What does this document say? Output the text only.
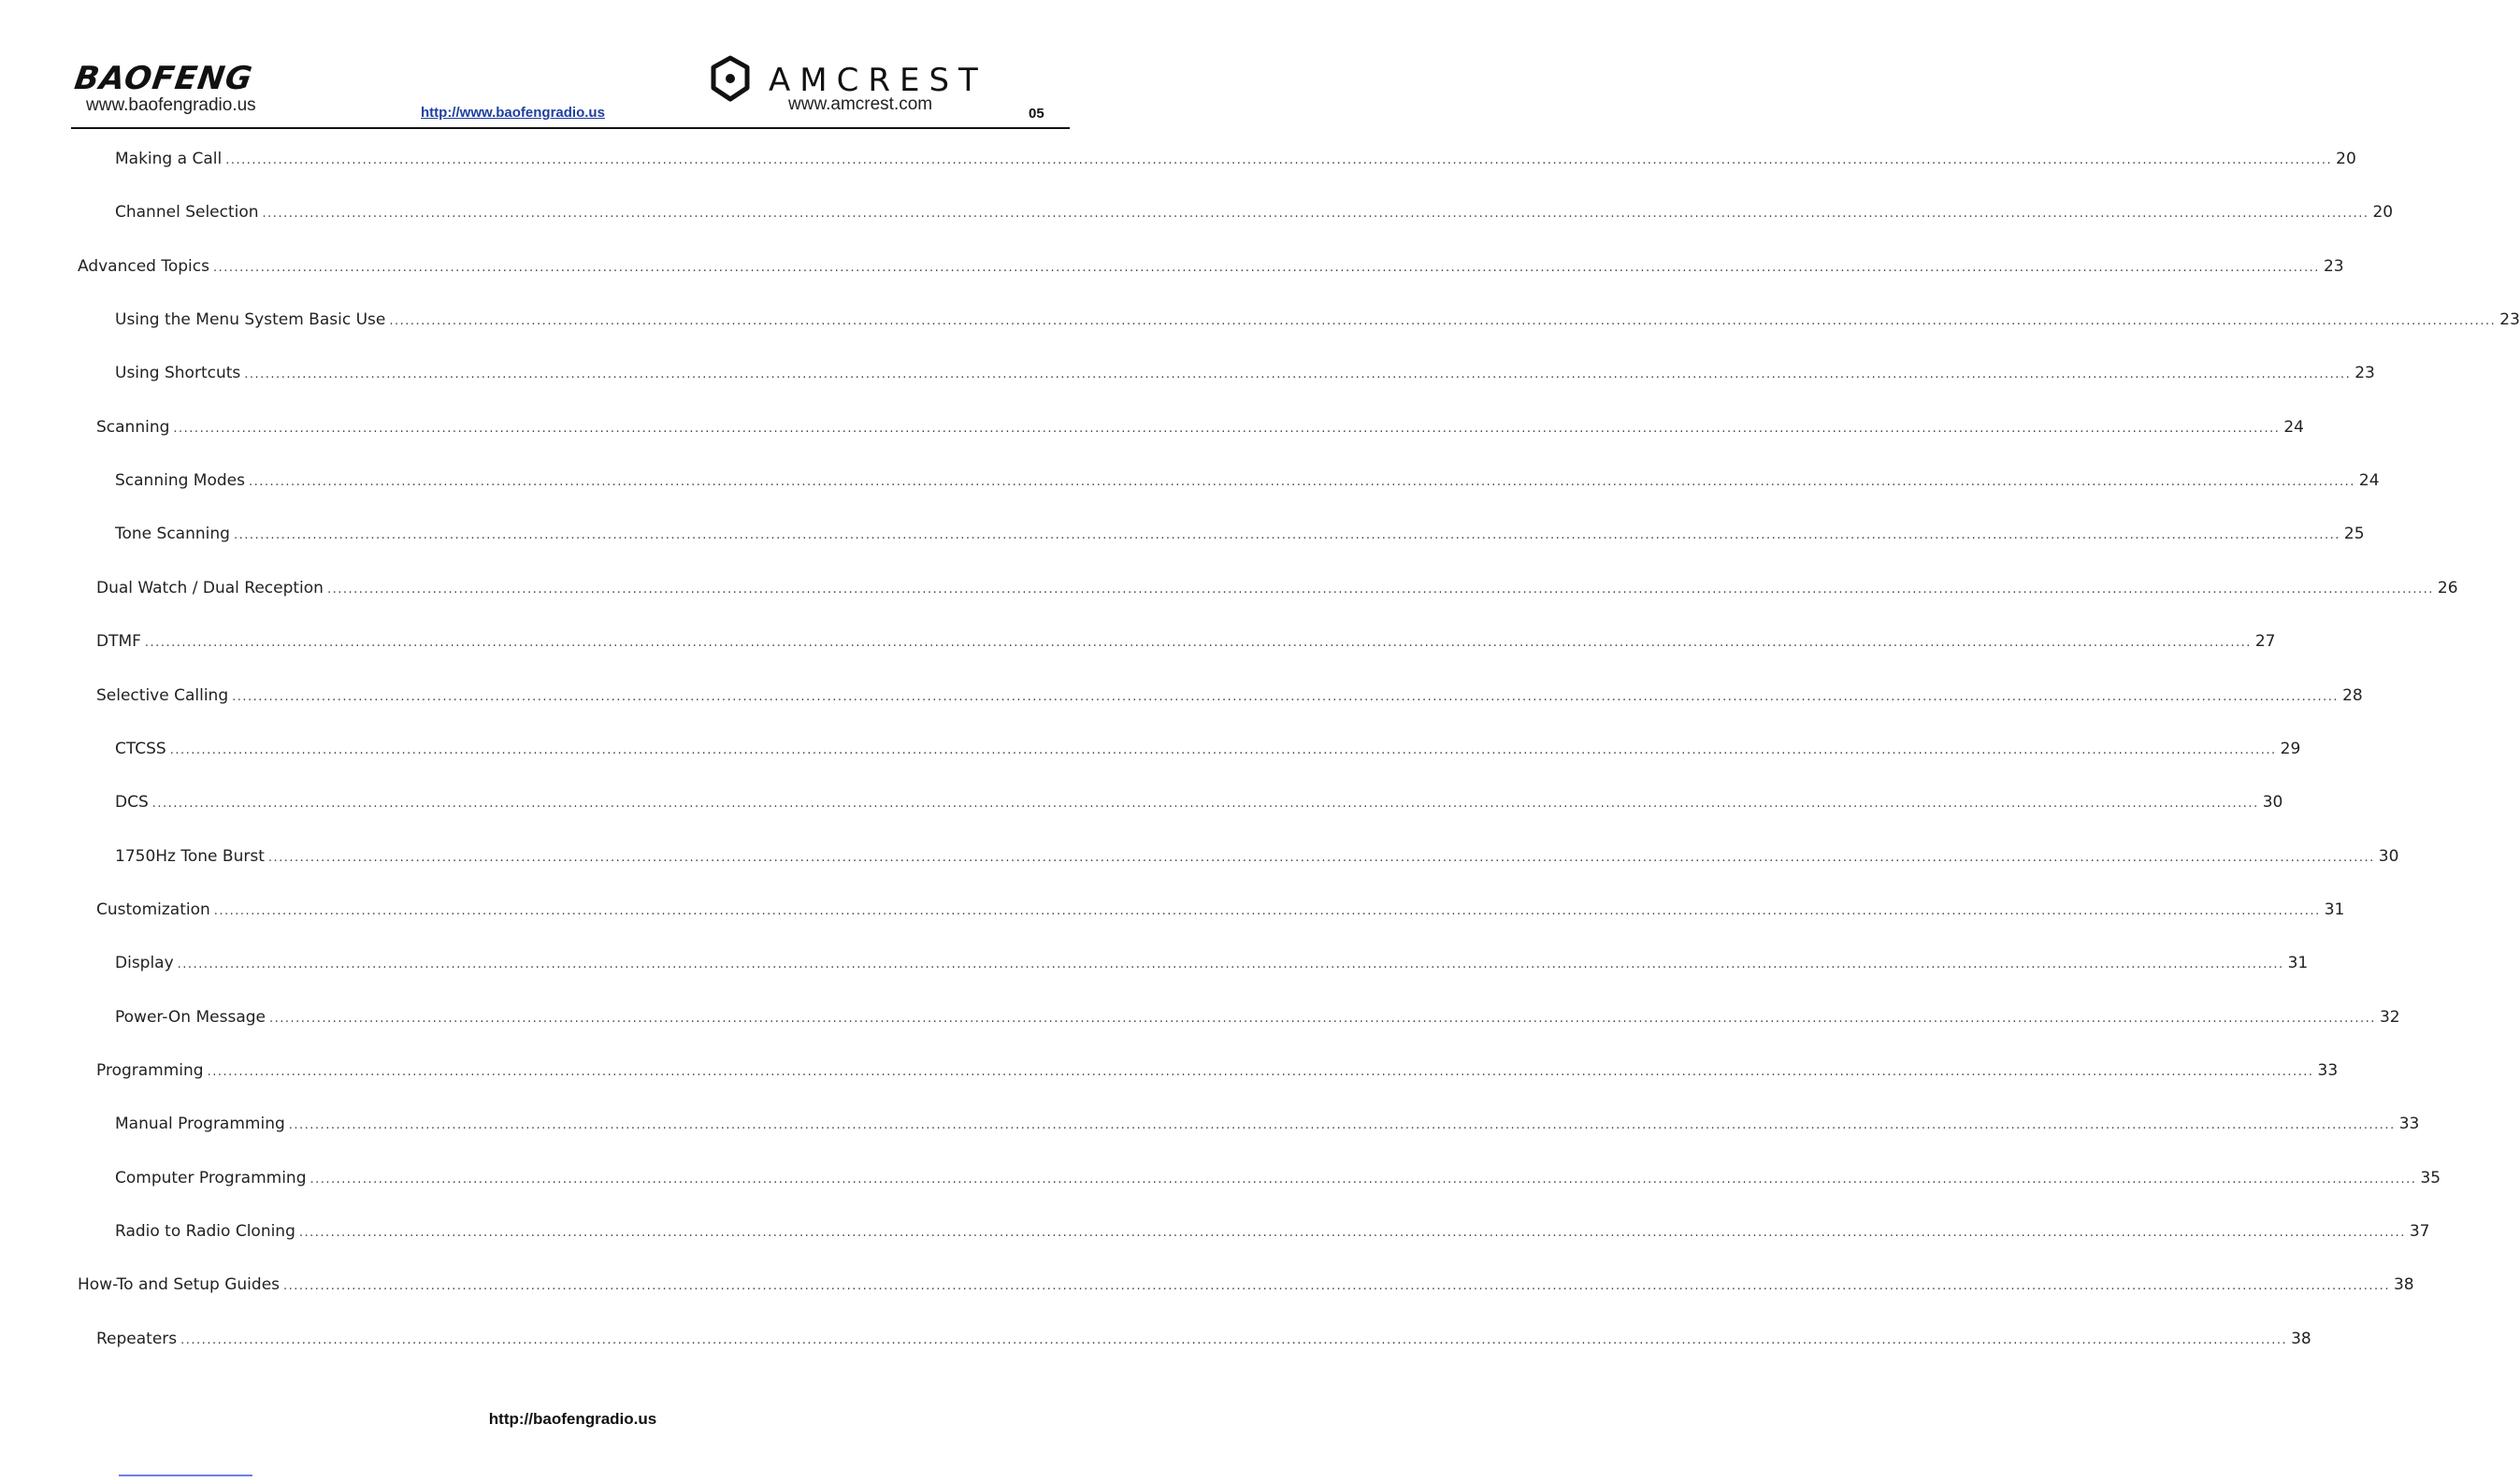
BAOFENG
www.baofengradio.us	http://www.baofengradio.us
AMCREST
www.amcrest.com	05
Making a Call ................................................................................................................................................................................................................................................................................................................................................................................................................ 20
Channel Selection ................................................................................................................................................................................................................................................................................................................................................................................................................ 20
Advanced Topics ................................................................................................................................................................................................................................................................................................................................................................................................................ 23
Using the Menu System Basic Use ................................................................................................................................................................................................................................................................................................................................................................................................................ 23
Using Shortcuts ................................................................................................................................................................................................................................................................................................................................................................................................................ 23
Scanning ................................................................................................................................................................................................................................................................................................................................................................................................................ 24
Scanning Modes ................................................................................................................................................................................................................................................................................................................................................................................................................ 24
Tone Scanning ................................................................................................................................................................................................................................................................................................................................................................................................................ 25
Dual Watch / Dual Reception ................................................................................................................................................................................................................................................................................................................................................................................................................ 26
DTMF ................................................................................................................................................................................................................................................................................................................................................................................................................ 27
Selective Calling ................................................................................................................................................................................................................................................................................................................................................................................................................ 28
CTCSS ................................................................................................................................................................................................................................................................................................................................................................................................................ 29
DCS ................................................................................................................................................................................................................................................................................................................................................................................................................ 30
1750Hz Tone Burst ................................................................................................................................................................................................................................................................................................................................................................................................................ 30
Customization ................................................................................................................................................................................................................................................................................................................................................................................................................ 31
Display ................................................................................................................................................................................................................................................................................................................................................................................................................ 31
Power-On Message ................................................................................................................................................................................................................................................................................................................................................................................................................ 32
Programming ................................................................................................................................................................................................................................................................................................................................................................................................................ 33
Manual Programming ................................................................................................................................................................................................................................................................................................................................................................................................................ 33
Computer Programming ................................................................................................................................................................................................................................................................................................................................................................................................................ 35
Radio to Radio Cloning ................................................................................................................................................................................................................................................................................................................................................................................................................ 37
How-To and Setup Guides ................................................................................................................................................................................................................................................................................................................................................................................................................ 38
Repeaters ................................................................................................................................................................................................................................................................................................................................................................................................................ 38
http://baofengradio.us
